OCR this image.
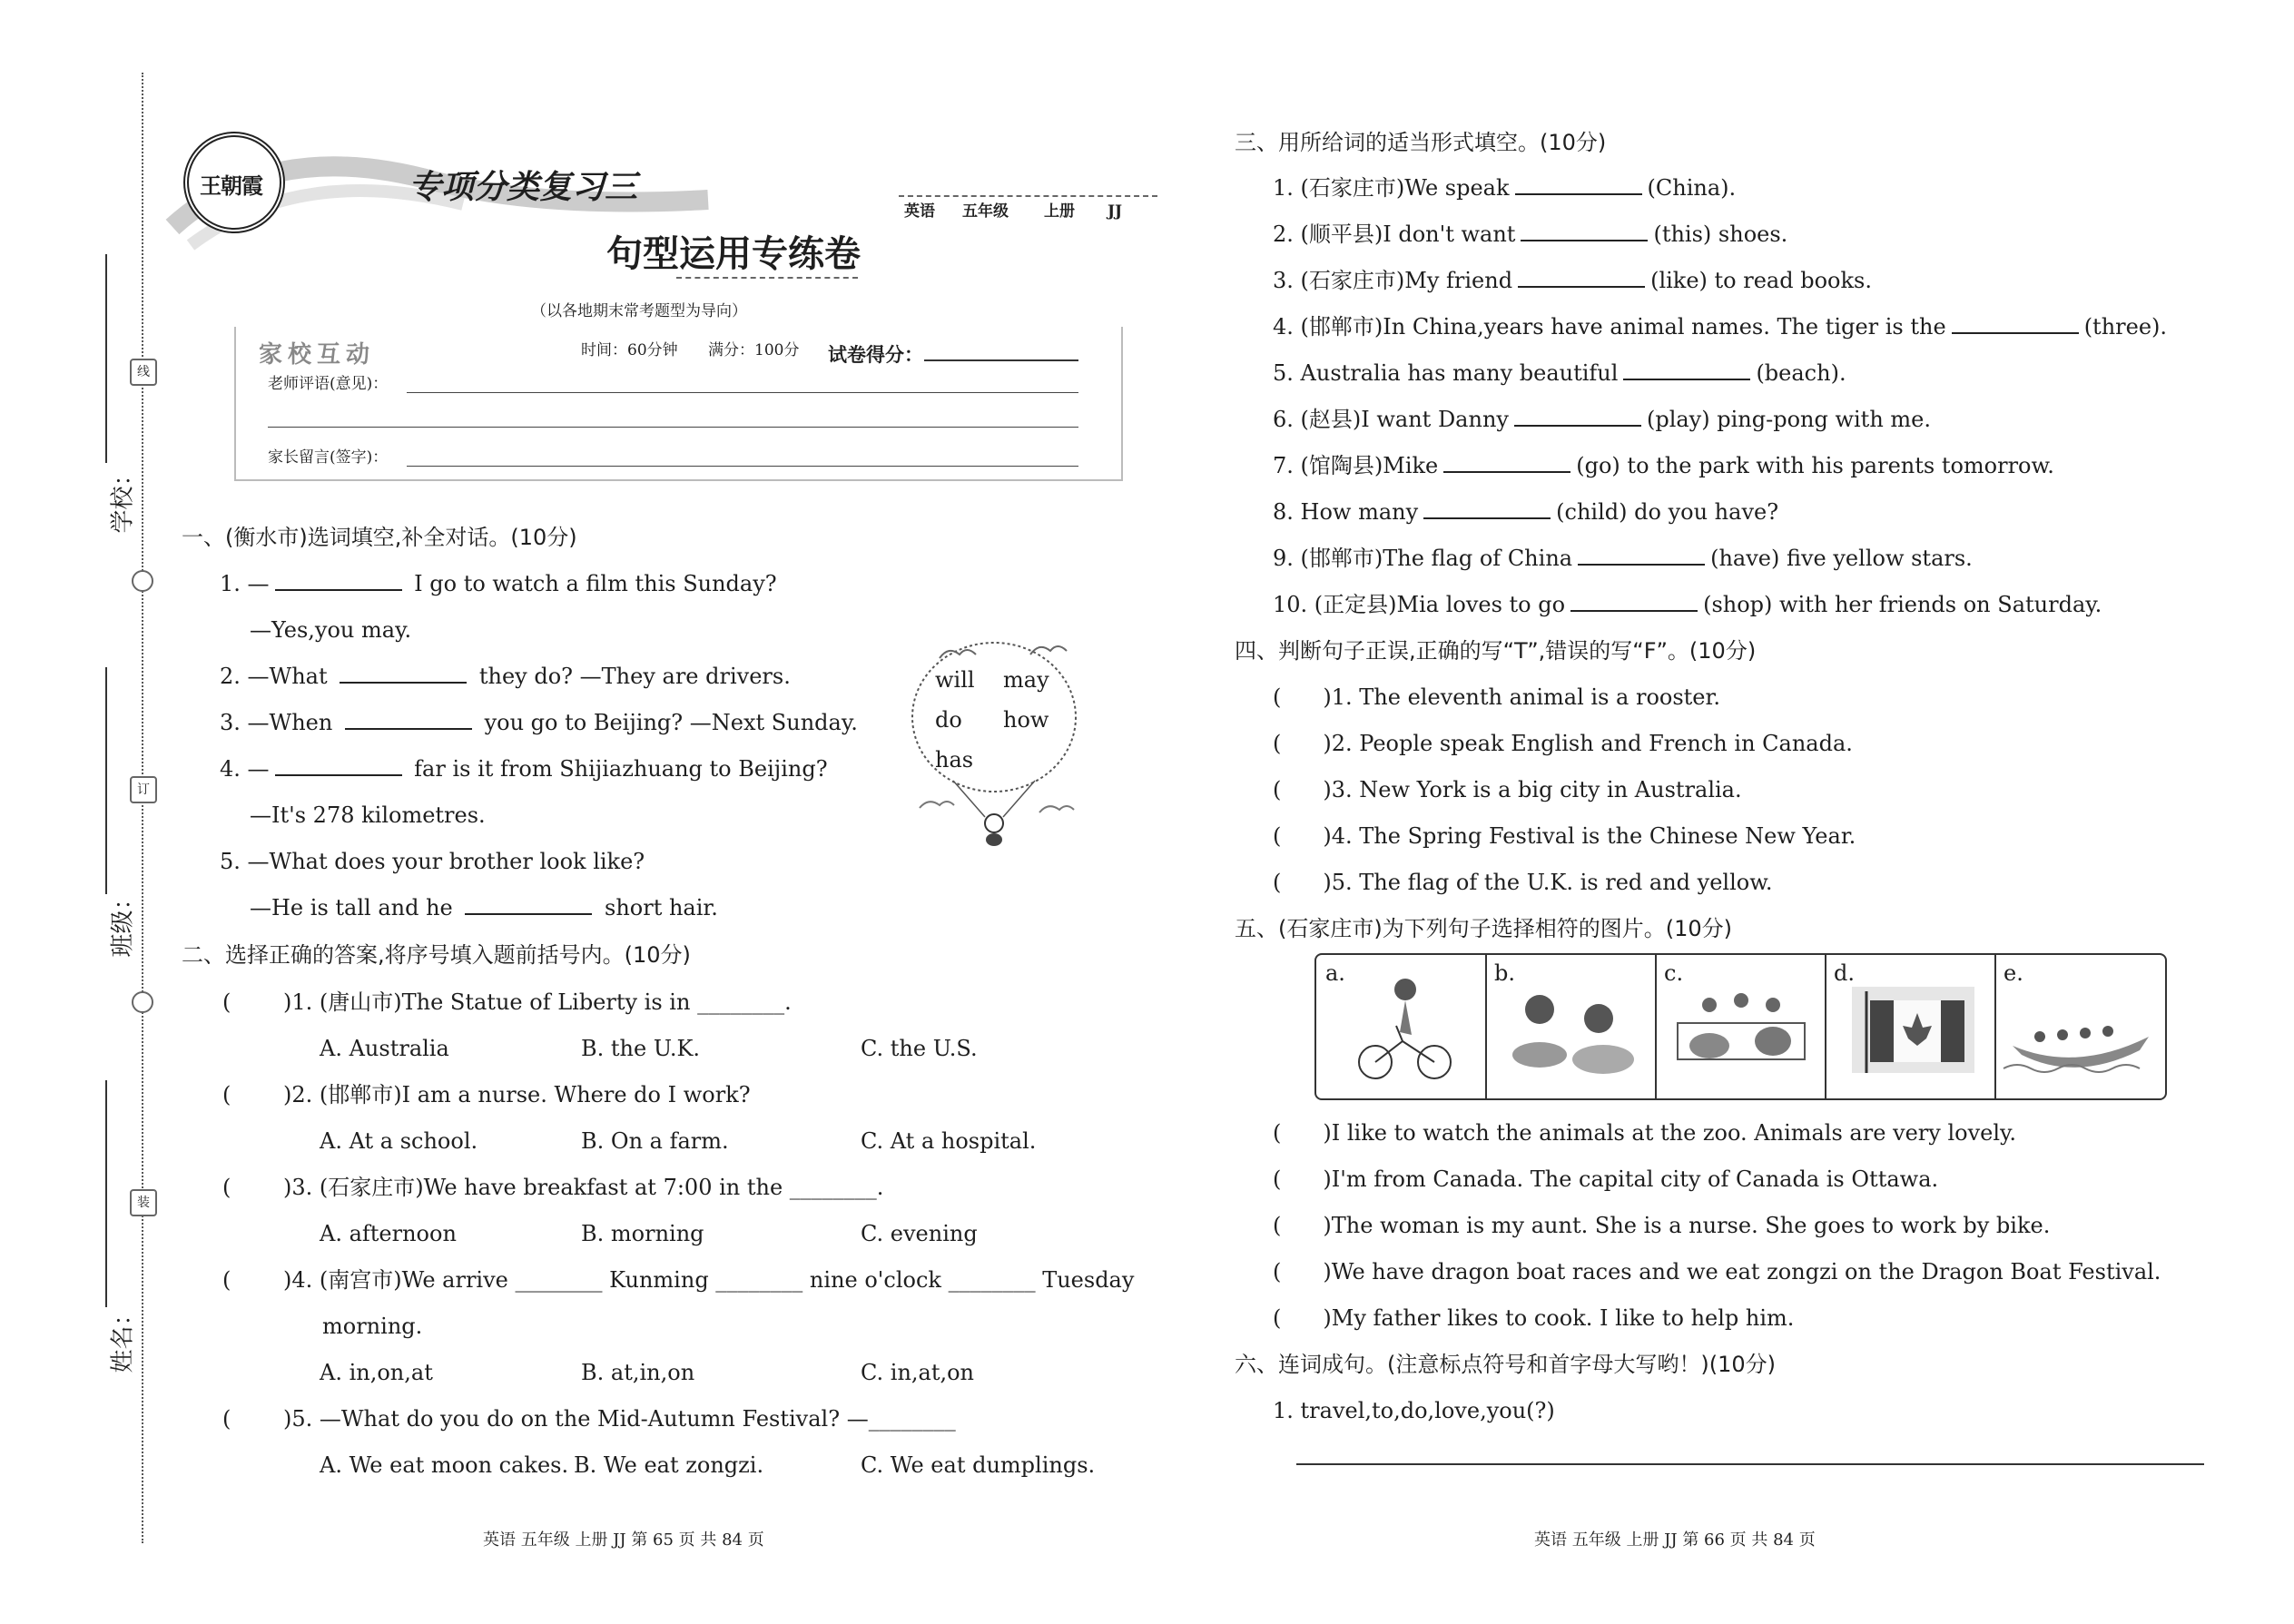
线
订
装
学校：
班级：
姓名：
王朝霞	专项分类复习三
英语 五年级 上册 JJ
句型运用专练卷
（以各地期末常考题型为导向）
家校互动	时间：60分钟 满分：100分 试卷得分：
老师评语(意见)：
家长留言(签字)：
一、(衡水市)选词填空,补全对话。(10分)
1. —	I go to watch a film this Sunday?
—Yes,you may.
2. —What	they do? —They are drivers.
3. —When	you go to Beijing? —Next Sunday.
4. —	far is it from Shijiazhuang to Beijing?
—It's 278 kilometres.
5. —What does your brother look like?
—He is tall and he	short hair.
will may
do how
has
二、选择正确的答案,将序号填入题前括号内。(10分)
( )1. (唐山市)The Statue of Liberty is in ________.
A. Australia	B. the U.K.	C. the U.S.
( )2. (邯郸市)I am a nurse. Where do I work?
A. At a school.	B. On a farm.	C. At a hospital.
( )3. (石家庄市)We have breakfast at 7:00 in the ________.
A. afternoon	B. morning	C. evening
( )4. (南宫市)We arrive ________ Kunming ________ nine o'clock ________ Tuesday
morning.
A. in,on,at	B. at,in,on	C. in,at,on
( )5. —What do you do on the Mid-Autumn Festival? —________
A. We eat moon cakes. B. We eat zongzi.	C. We eat dumplings.
英语 五年级 上册 JJ 第 65 页 共 84 页
三、用所给词的适当形式填空。(10分)
1. (石家庄市)We speak	(China).
2. (顺平县)I don't want	(this) shoes.
3. (石家庄市)My friend	(like) to read books.
4. (邯郸市)In China,years have animal names. The tiger is the	(three).
5. Australia has many beautiful	(beach).
6. (赵县)I want Danny	(play) ping-pong with me.
7. (馆陶县)Mike	(go) to the park with his parents tomorrow.
8. How many	(child) do you have?
9. (邯郸市)The flag of China	(have) five yellow stars.
10. (正定县)Mia loves to go	(shop) with her friends on Saturday.
四、判断句子正误,正确的写“T”,错误的写“F”。(10分)
( )1. The eleventh animal is a rooster.
( )2. People speak English and French in Canada.
( )3. New York is a big city in Australia.
( )4. The Spring Festival is the Chinese New Year.
( )5. The flag of the U.K. is red and yellow.
五、(石家庄市)为下列句子选择相符的图片。(10分)
a.	b.	c.	d.	e.
( )I like to watch the animals at the zoo. Animals are very lovely.
( )I'm from Canada. The capital city of Canada is Ottawa.
( )The woman is my aunt. She is a nurse. She goes to work by bike.
( )We have dragon boat races and we eat zongzi on the Dragon Boat Festival.
( )My father likes to cook. I like to help him.
六、连词成句。(注意标点符号和首字母大写哟！)(10分)
1. travel,to,do,love,you(?)
英语 五年级 上册 JJ 第 66 页 共 84 页
